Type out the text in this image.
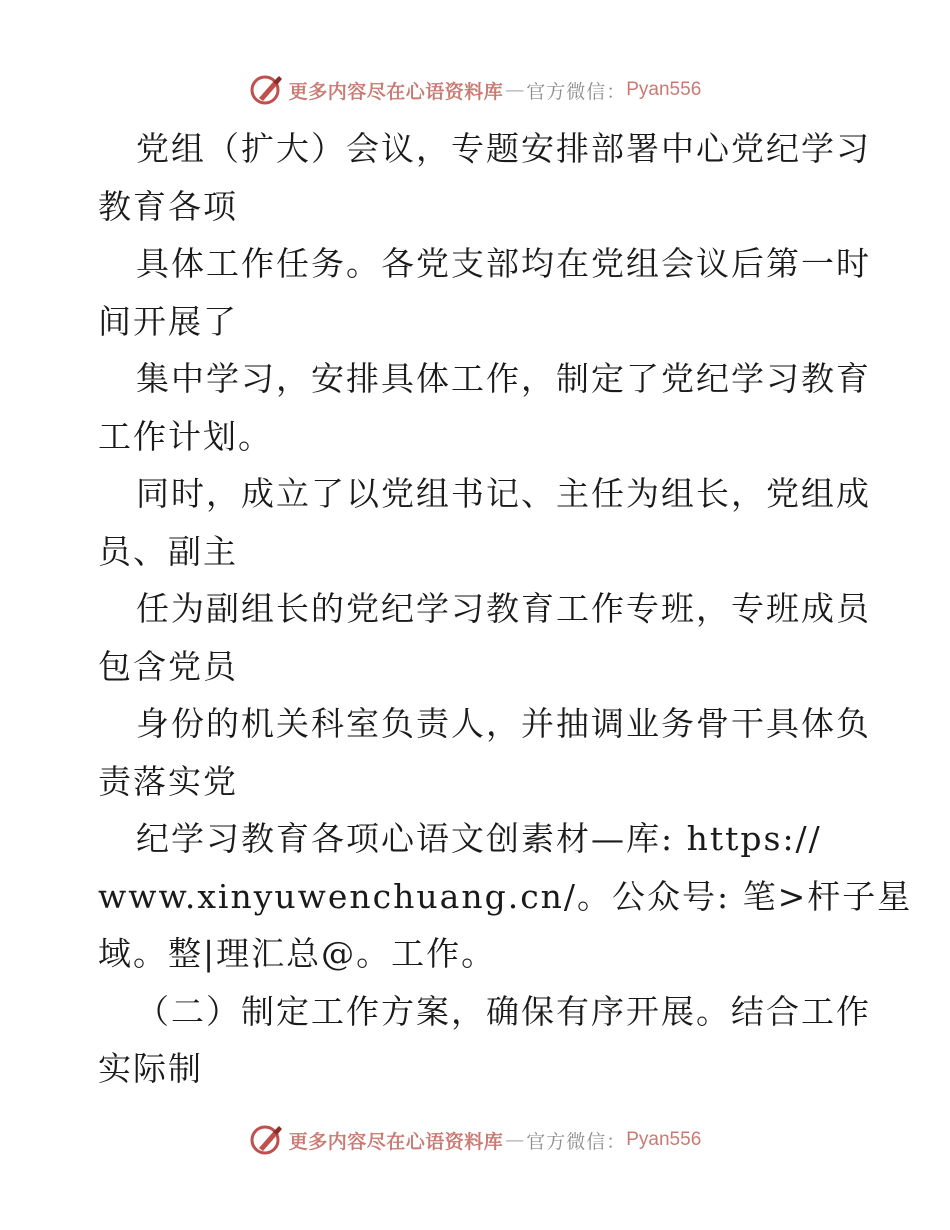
更多内容尽在心语资料库 — 官方微信： Pyan556
党组（扩大）会议，专题安排部署中心党纪学习
教育各项
具体工作任务。各党支部均在党组会议后第一时
间开展了
集中学习，安排具体工作，制定了党纪学习教育
工作计划。
同时，成立了以党组书记、主任为组长，党组成
员、副主
任为副组长的党纪学习教育工作专班，专班成员
包含党员
身份的机关科室负责人，并抽调业务骨干具体负
责落实党
纪学习教育各项心语文创素材—库: https://
www.xinyuwenchuang.cn/。公众号: 笔>杆子星
域。整|理汇总@。工作。
（二）制定工作方案，确保有序开展。结合工作
实际制
更多内容尽在心语资料库 — 官方微信： Pyan556
